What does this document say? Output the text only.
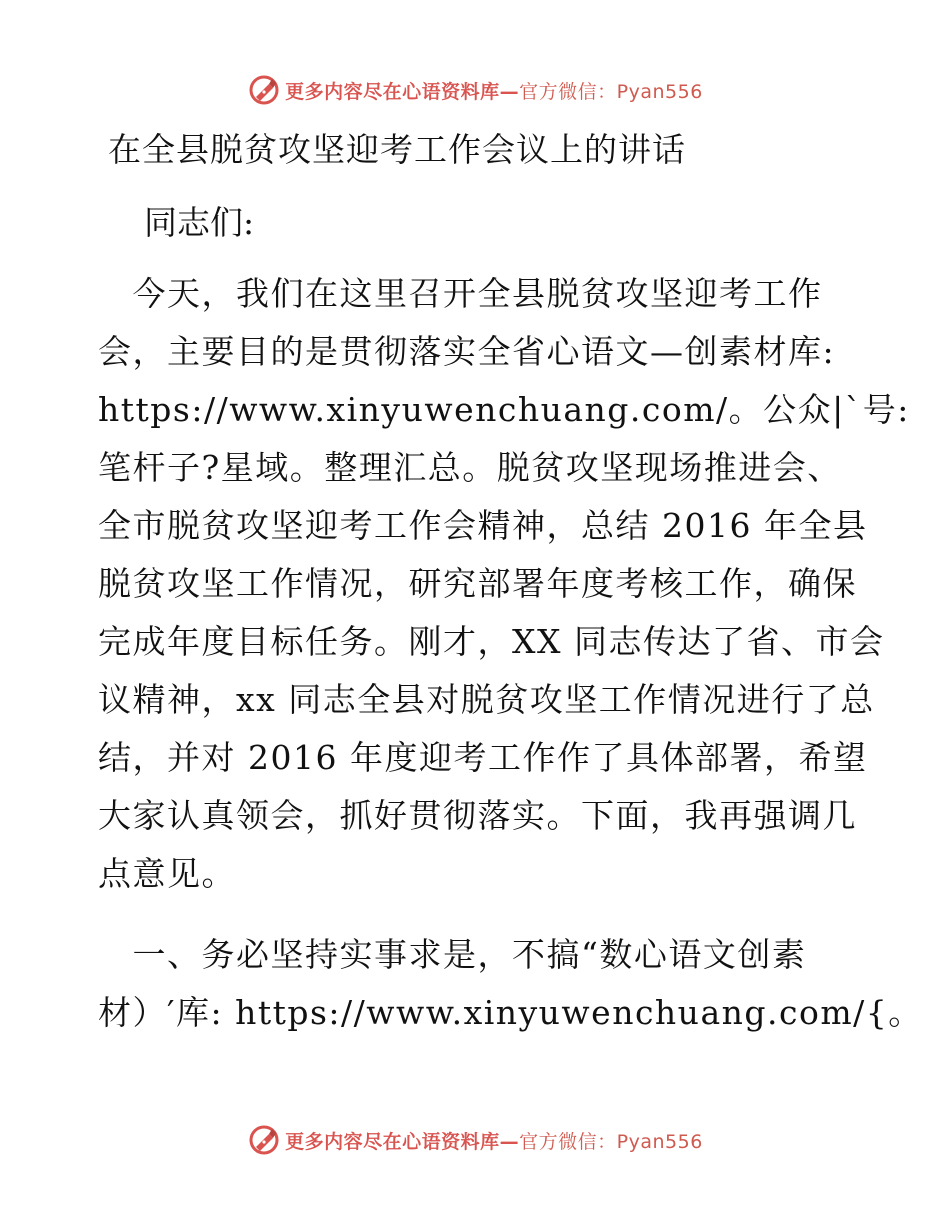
更多内容尽在心语资料库—官方微信：Pyan556
在全县脱贫攻坚迎考工作会议上的讲话

同志们:

　今天，我们在这里召开全县脱贫攻坚迎考工作
会，主要目的是贯彻落实全省心语文—创素材库:
https://www.xinyuwenchuang.com/。公众|`号:
笔杆子?星域。整理汇总。脱贫攻坚现场推进会、
全市脱贫攻坚迎考工作会精神，总结 2016 年全县
脱贫攻坚工作情况，研究部署年度考核工作，确保
完成年度目标任务。刚才，XX 同志传达了省、市会
议精神，xx 同志全县对脱贫攻坚工作情况进行了总
结，并对 2016 年度迎考工作作了具体部署，希望
大家认真领会，抓好贯彻落实。下面，我再强调几
点意见。
　一、务必坚持实事求是，不搞“数心语文创素
材）′库: https://www.xinyuwenchuang.com/{。
更多内容尽在心语资料库—官方微信：Pyan556
